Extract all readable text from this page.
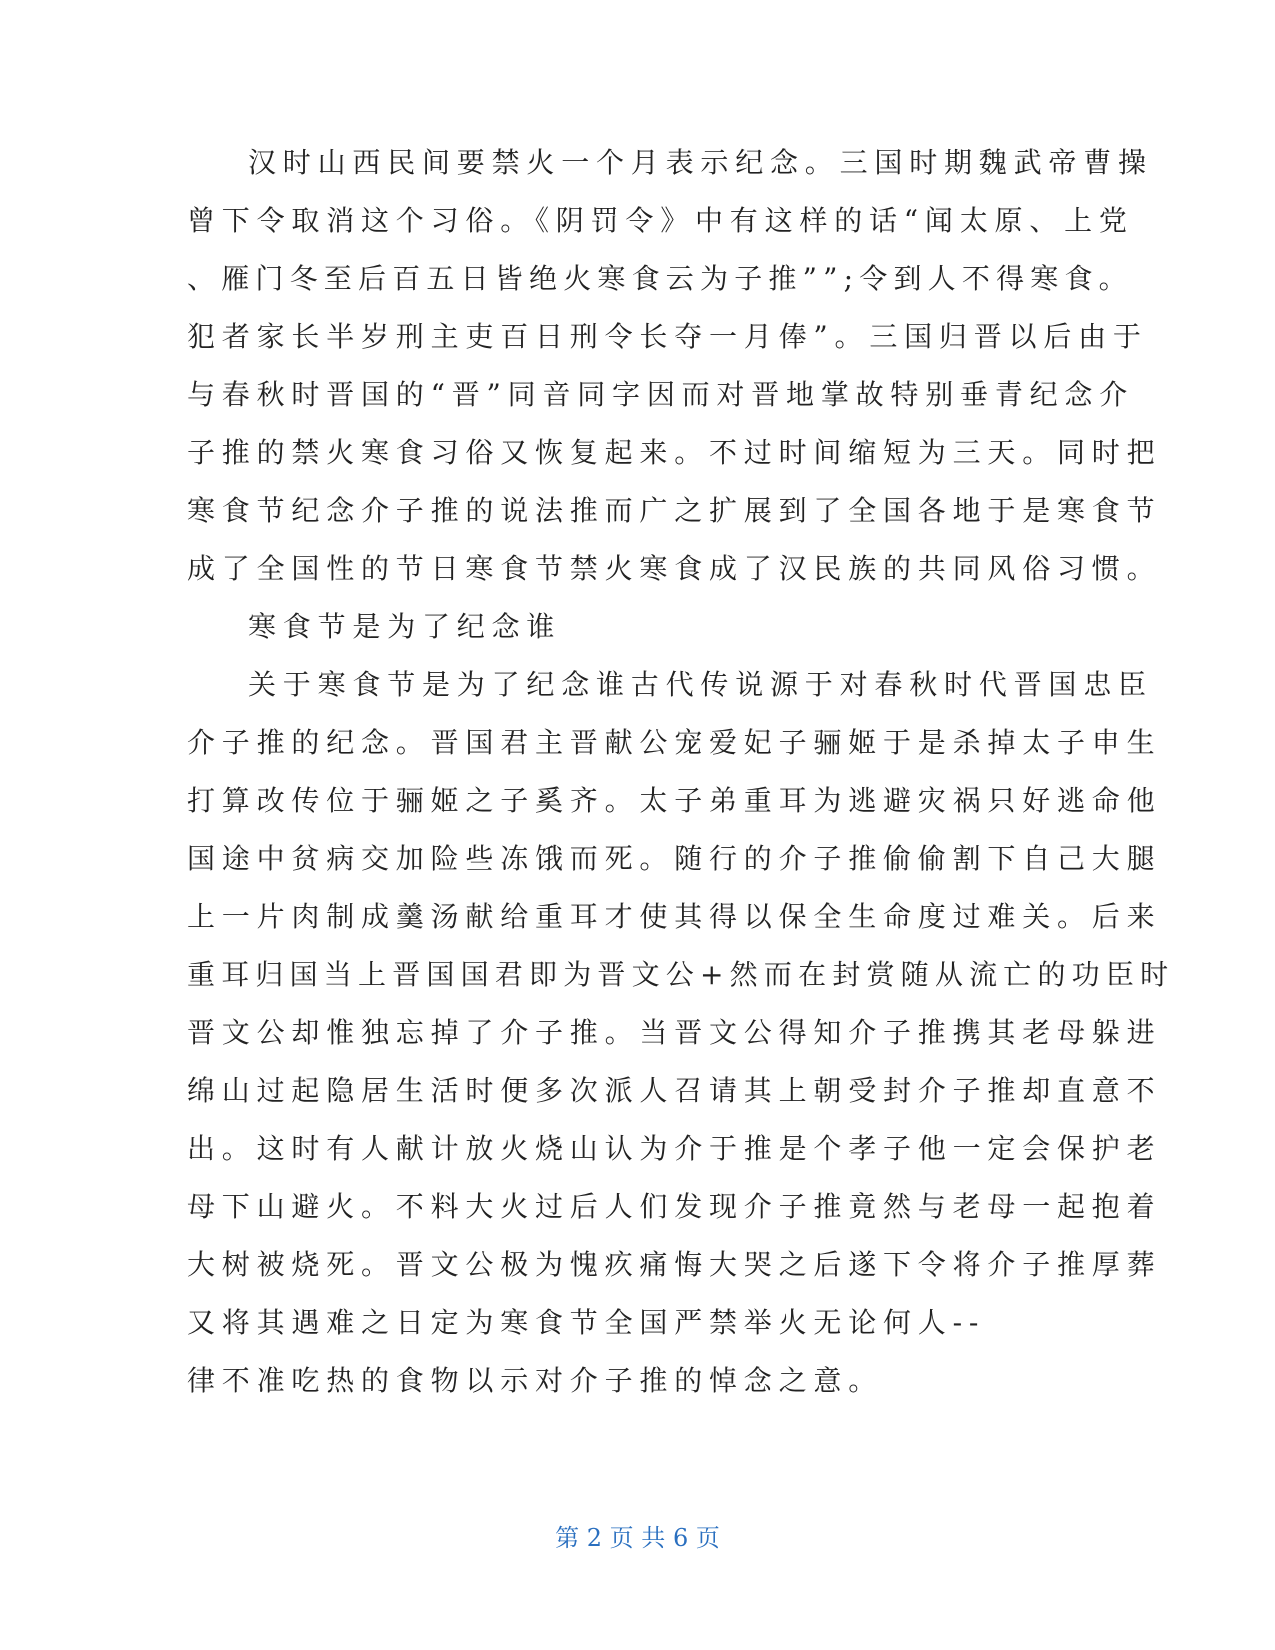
汉时山西民间要禁火一个月表示纪念。三国时期魏武帝曹操
曾下令取消这个习俗。《阴罚令》中有这样的话“闻太原、上党
、雁门冬至后百五日皆绝火寒食云为子推””;令到人不得寒食。
犯者家长半岁刑主吏百日刑令长夺一月俸”。三国归晋以后由于
与春秋时晋国的“晋”同音同字因而对晋地掌故特别垂青纪念介
子推的禁火寒食习俗又恢复起来。不过时间缩短为三天。同时把
寒食节纪念介子推的说法推而广之扩展到了全国各地于是寒食节
成了全国性的节日寒食节禁火寒食成了汉民族的共同风俗习惯。
寒食节是为了纪念谁
关于寒食节是为了纪念谁古代传说源于对春秋时代晋国忠臣
介子推的纪念。晋国君主晋献公宠爱妃子骊姬于是杀掉太子申生
打算改传位于骊姬之子奚齐。太子弟重耳为逃避灾祸只好逃命他
国途中贫病交加险些冻饿而死。随行的介子推偷偷割下自己大腿
上一片肉制成羹汤献给重耳才使其得以保全生命度过难关。后来
重耳归国当上晋国国君即为晋文公+然而在封赏随从流亡的功臣时
晋文公却惟独忘掉了介子推。当晋文公得知介子推携其老母躲进
绵山过起隐居生活时便多次派人召请其上朝受封介子推却直意不
出。这时有人献计放火烧山认为介于推是个孝子他一定会保护老
母下山避火。不料大火过后人们发现介子推竟然与老母一起抱着
大树被烧死。晋文公极为愧疚痛悔大哭之后遂下令将介子推厚葬
又将其遇难之日定为寒食节全国严禁举火无论何人--
律不准吃热的食物以示对介子推的悼念之意。
第 2 页 共 6 页
